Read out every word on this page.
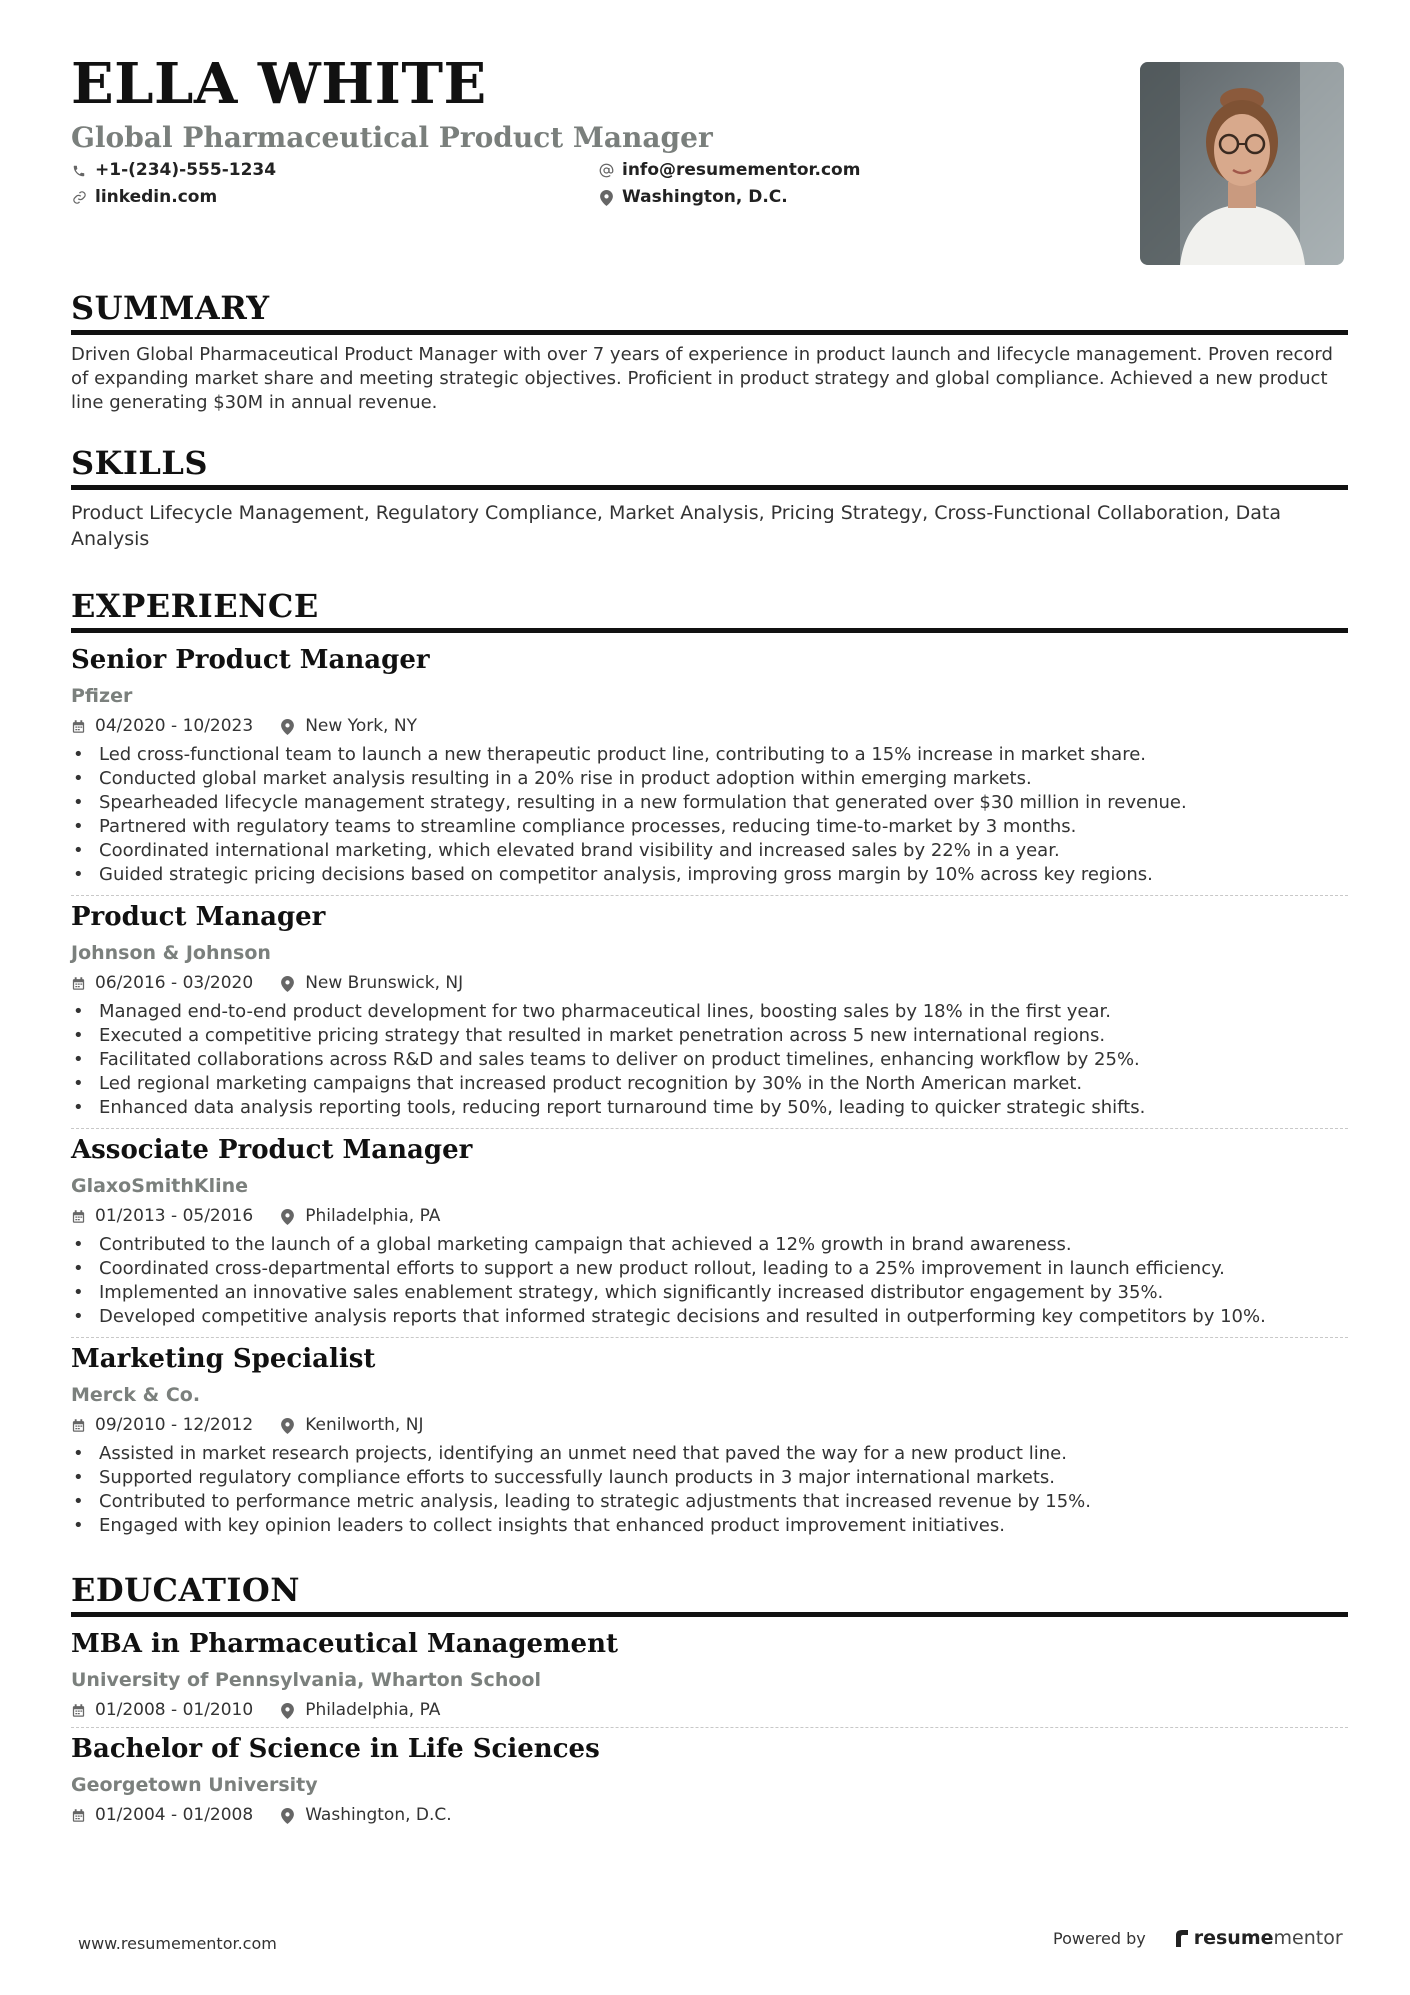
ELLA WHITE
Global Pharmaceutical Product Manager
+1-(234)-555-1234	info@resumementor.com
linkedin.com	Washington, D.C.
SUMMARY

Driven Global Pharmaceutical Product Manager with over 7 years of experience in product launch and lifecycle management. Proven record of expanding market share and meeting strategic objectives. Proficient in product strategy and global compliance. Achieved a new product line generating $30M in annual revenue.

SKILLS

Product Lifecycle Management, Regulatory Compliance, Market Analysis, Pricing Strategy, Cross-Functional Collaboration, Data Analysis

EXPERIENCE
Senior Product Manager
Pfizer
04/2020 - 10/2023	New York, NY
• Led cross-functional team to launch a new therapeutic product line, contributing to a 15% increase in market share.
• Conducted global market analysis resulting in a 20% rise in product adoption within emerging markets.
• Spearheaded lifecycle management strategy, resulting in a new formulation that generated over $30 million in revenue.
• Partnered with regulatory teams to streamline compliance processes, reducing time-to-market by 3 months.
• Coordinated international marketing, which elevated brand visibility and increased sales by 22% in a year.
• Guided strategic pricing decisions based on competitor analysis, improving gross margin by 10% across key regions.
Product Manager
Johnson & Johnson
06/2016 - 03/2020	New Brunswick, NJ
• Managed end-to-end product development for two pharmaceutical lines, boosting sales by 18% in the first year.
• Executed a competitive pricing strategy that resulted in market penetration across 5 new international regions.
• Facilitated collaborations across R&D and sales teams to deliver on product timelines, enhancing workflow by 25%.
• Led regional marketing campaigns that increased product recognition by 30% in the North American market.
• Enhanced data analysis reporting tools, reducing report turnaround time by 50%, leading to quicker strategic shifts.
Associate Product Manager
GlaxoSmithKline
01/2013 - 05/2016	Philadelphia, PA
• Contributed to the launch of a global marketing campaign that achieved a 12% growth in brand awareness.
• Coordinated cross-departmental efforts to support a new product rollout, leading to a 25% improvement in launch efficiency.
• Implemented an innovative sales enablement strategy, which significantly increased distributor engagement by 35%.
• Developed competitive analysis reports that informed strategic decisions and resulted in outperforming key competitors by 10%.
Marketing Specialist
Merck & Co.
09/2010 - 12/2012	Kenilworth, NJ
• Assisted in market research projects, identifying an unmet need that paved the way for a new product line.
• Supported regulatory compliance efforts to successfully launch products in 3 major international markets.
• Contributed to performance metric analysis, leading to strategic adjustments that increased revenue by 15%.
• Engaged with key opinion leaders to collect insights that enhanced product improvement initiatives.
EDUCATION
MBA in Pharmaceutical Management
University of Pennsylvania, Wharton School
01/2008 - 01/2010	Philadelphia, PA
Bachelor of Science in Life Sciences
Georgetown University
01/2004 - 01/2008	Washington, D.C.
www.resumementor.com	Powered by	resume mentor
